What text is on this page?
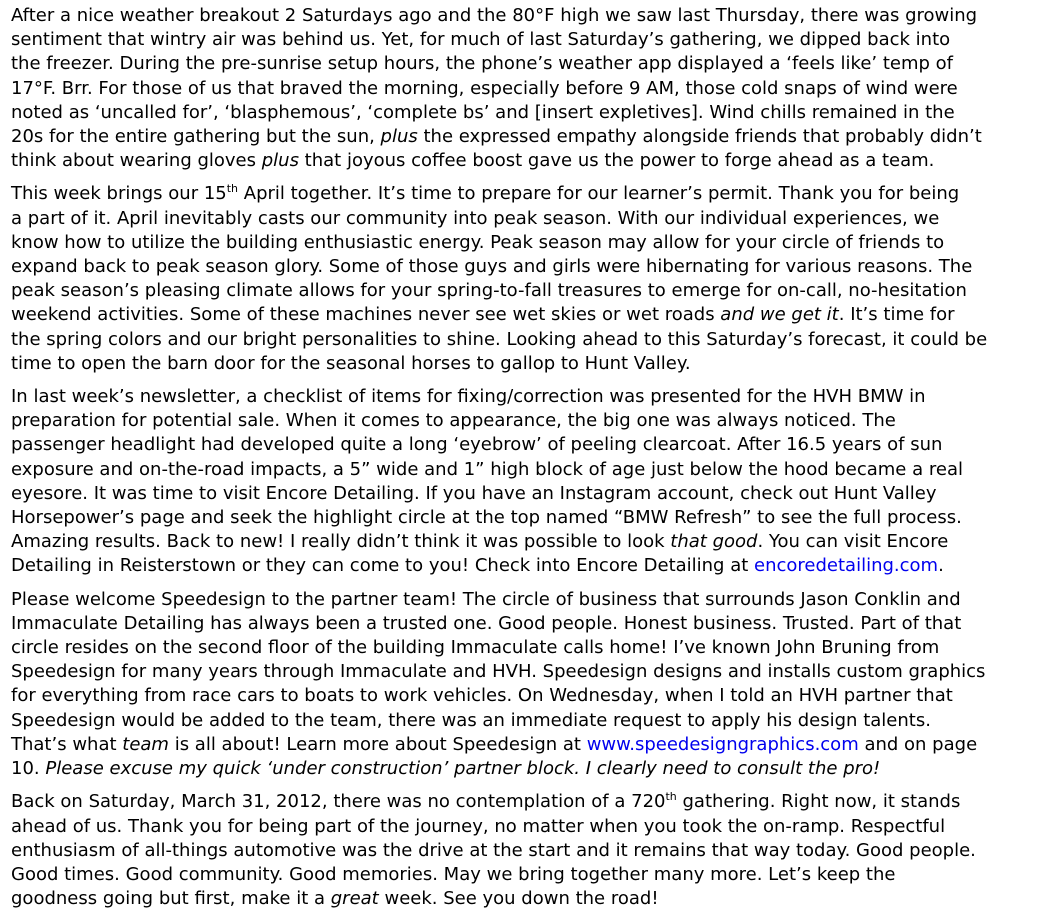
After a nice weather breakout 2 Saturdays ago and the 80°F high we saw last Thursday, there was growing
sentiment that wintry air was behind us. Yet, for much of last Saturday’s gathering, we dipped back into
the freezer. During the pre-sunrise setup hours, the phone’s weather app displayed a ‘feels like’ temp of
17°F. Brr. For those of us that braved the morning, especially before 9 AM, those cold snaps of wind were
noted as ‘uncalled for’, ‘blasphemous’, ‘complete bs’ and [insert expletives]. Wind chills remained in the
20s for the entire gathering but the sun, plus the expressed empathy alongside friends that probably didn’t
think about wearing gloves plus that joyous coffee boost gave us the power to forge ahead as a team.

This week brings our 15th April together. It’s time to prepare for our learner’s permit. Thank you for being
a part of it. April inevitably casts our community into peak season. With our individual experiences, we
know how to utilize the building enthusiastic energy. Peak season may allow for your circle of friends to
expand back to peak season glory. Some of those guys and girls were hibernating for various reasons. The
peak season’s pleasing climate allows for your spring-to-fall treasures to emerge for on-call, no-hesitation
weekend activities. Some of these machines never see wet skies or wet roads and we get it. It’s time for
the spring colors and our bright personalities to shine. Looking ahead to this Saturday’s forecast, it could be
time to open the barn door for the seasonal horses to gallop to Hunt Valley.

In last week’s newsletter, a checklist of items for fixing/correction was presented for the HVH BMW in
preparation for potential sale. When it comes to appearance, the big one was always noticed. The
passenger headlight had developed quite a long ‘eyebrow’ of peeling clearcoat. After 16.5 years of sun
exposure and on-the-road impacts, a 5” wide and 1” high block of age just below the hood became a real
eyesore. It was time to visit Encore Detailing. If you have an Instagram account, check out Hunt Valley
Horsepower’s page and seek the highlight circle at the top named “BMW Refresh” to see the full process.
Amazing results. Back to new! I really didn’t think it was possible to look that good. You can visit Encore
Detailing in Reisterstown or they can come to you! Check into Encore Detailing at encoredetailing.com.

Please welcome Speedesign to the partner team! The circle of business that surrounds Jason Conklin and
Immaculate Detailing has always been a trusted one. Good people. Honest business. Trusted. Part of that
circle resides on the second floor of the building Immaculate calls home! I’ve known John Bruning from
Speedesign for many years through Immaculate and HVH. Speedesign designs and installs custom graphics
for everything from race cars to boats to work vehicles. On Wednesday, when I told an HVH partner that
Speedesign would be added to the team, there was an immediate request to apply his design talents.
That’s what team is all about! Learn more about Speedesign at www.speedesigngraphics.com and on page
10. Please excuse my quick ‘under construction’ partner block. I clearly need to consult the pro!

Back on Saturday, March 31, 2012, there was no contemplation of a 720th gathering. Right now, it stands
ahead of us. Thank you for being part of the journey, no matter when you took the on-ramp. Respectful
enthusiasm of all-things automotive was the drive at the start and it remains that way today. Good people.
Good times. Good community. Good memories. May we bring together many more. Let’s keep the
goodness going but first, make it a great week. See you down the road!
